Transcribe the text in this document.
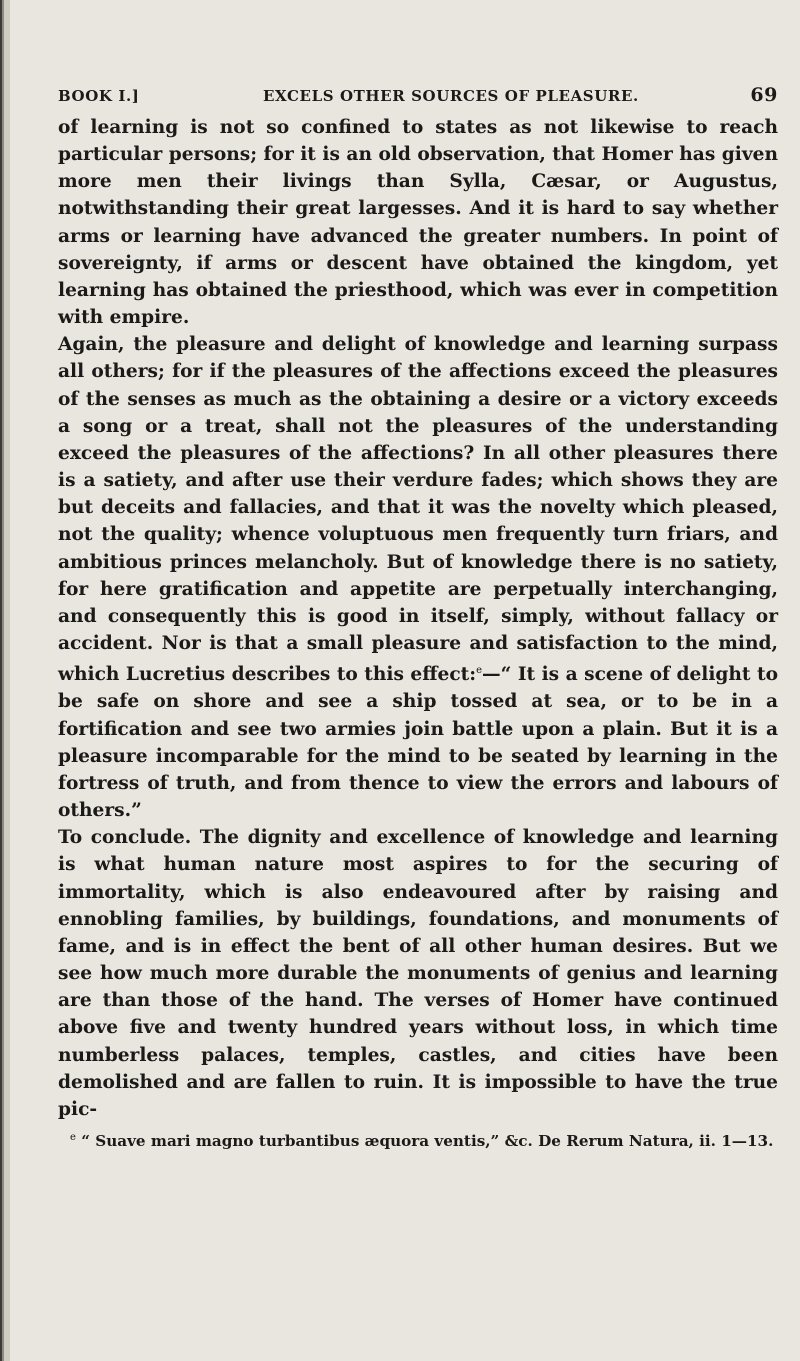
BOOK I.]	EXCELS OTHER SOURCES OF PLEASURE.	69

of learning is not so confined to states as not likewise to reach particular persons; for it is an old observation, that Homer has given more men their livings than Sylla, Cæsar, or Augustus, notwithstanding their great largesses. And it is hard to say whether arms or learning have advanced the greater numbers. In point of sovereignty, if arms or descent have obtained the kingdom, yet learning has obtained the priesthood, which was ever in competition with empire.

Again, the pleasure and delight of knowledge and learning surpass all others; for if the pleasures of the affections exceed the pleasures of the senses as much as the obtaining a desire or a victory exceeds a song or a treat, shall not the pleasures of the understanding exceed the pleasures of the affections? In all other pleasures there is a satiety, and after use their verdure fades; which shows they are but deceits and fallacies, and that it was the novelty which pleased, not the quality; whence voluptuous men frequently turn friars, and ambitious princes melancholy. But of knowledge there is no satiety, for here gratification and appetite are perpetually interchanging, and consequently this is good in itself, simply, without fallacy or accident. Nor is that a small pleasure and satisfaction to the mind, which Lucretius describes to this effect:$^e$—“ It is a scene of delight to be safe on shore and see a ship tossed at sea, or to be in a fortification and see two armies join battle upon a plain. But it is a pleasure incomparable for the mind to be seated by learning in the fortress of truth, and from thence to view the errors and labours of others.”

To conclude. The dignity and excellence of knowledge and learning is what human nature most aspires to for the securing of immortality, which is also endeavoured after by raising and ennobling families, by buildings, foundations, and monuments of fame, and is in effect the bent of all other human desires. But we see how much more durable the monuments of genius and learning are than those of the hand. The verses of Homer have continued above five and twenty hundred years without loss, in which time numberless palaces, temples, castles, and cities have been demolished and are fallen to ruin. It is impossible to have the true pic-

$^e$ “ Suave mari magno turbantibus æquora ventis,” &c. De Rerum Natura, ii. 1—13.
